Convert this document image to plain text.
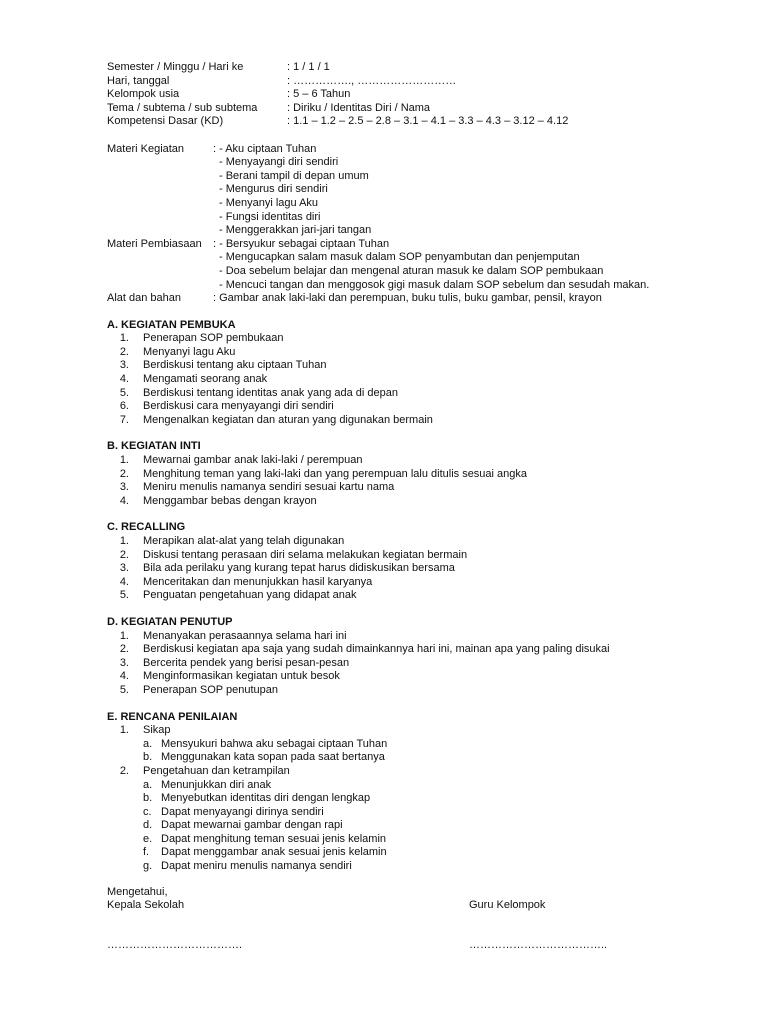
Semester / Minggu / Hari ke	: 1 / 1 / 1
Hari, tanggal	: ……………., ………………………
Kelompok usia	: 5 – 6 Tahun
Tema / subtema / sub subtema	: Diriku / Identitas Diri / Nama
Kompetensi Dasar (KD)	: 1.1 – 1.2 – 2.5 – 2.8 – 3.1 – 4.1 – 3.3 – 4.3 – 3.12 – 4.12
Materi Kegiatan	: - Aku ciptaan Tuhan
- Menyayangi diri sendiri
- Berani tampil di depan umum
- Mengurus diri sendiri
- Menyanyi lagu Aku
- Fungsi identitas diri
- Menggerakkan jari-jari tangan
Materi Pembiasaan : - Bersyukur sebagai ciptaan Tuhan
- Mengucapkan salam masuk dalam SOP penyambutan dan penjemputan
- Doa sebelum belajar dan mengenal aturan masuk ke dalam SOP pembukaan
- Mencuci tangan dan menggosok gigi masuk dalam SOP sebelum dan sesudah makan.
Alat dan bahan	: Gambar anak laki-laki dan perempuan, buku tulis, buku gambar, pensil, krayon
A. KEGIATAN PEMBUKA
1. Penerapan SOP pembukaan
2. Menyanyi lagu Aku
3. Berdiskusi tentang aku ciptaan Tuhan
4. Mengamati seorang anak
5. Berdiskusi tentang identitas anak yang ada di depan
6. Berdiskusi cara menyayangi diri sendiri
7. Mengenalkan kegiatan dan aturan yang digunakan bermain
B. KEGIATAN INTI
1. Mewarnai gambar anak laki-laki / perempuan
2. Menghitung teman yang laki-laki dan yang perempuan lalu ditulis sesuai angka
3. Meniru menulis namanya sendiri sesuai kartu nama
4. Menggambar bebas dengan krayon
C. RECALLING
1. Merapikan alat-alat yang telah digunakan
2. Diskusi tentang perasaan diri selama melakukan kegiatan bermain
3. Bila ada perilaku yang kurang tepat harus didiskusikan bersama
4. Menceritakan dan menunjukkan hasil karyanya
5. Penguatan pengetahuan yang didapat anak
D. KEGIATAN PENUTUP
1. Menanyakan perasaannya selama hari ini
2. Berdiskusi kegiatan apa saja yang sudah dimainkannya hari ini, mainan apa yang paling disukai
3. Bercerita pendek yang berisi pesan-pesan
4. Menginformasikan kegiatan untuk besok
5. Penerapan SOP penutupan
E. RENCANA PENILAIAN
1. Sikap
a. Mensyukuri bahwa aku sebagai ciptaan Tuhan
b. Menggunakan kata sopan pada saat bertanya
2. Pengetahuan dan ketrampilan
a. Menunjukkan diri anak
b. Menyebutkan identitas diri dengan lengkap
c. Dapat menyayangi dirinya sendiri
d. Dapat mewarnai gambar dengan rapi
e. Dapat menghitung teman sesuai jenis kelamin
f. Dapat menggambar anak sesuai jenis kelamin
g. Dapat meniru menulis namanya sendiri
Mengetahui,
Kepala Sekolah	Guru Kelompok
……………………………….	………………………………..
